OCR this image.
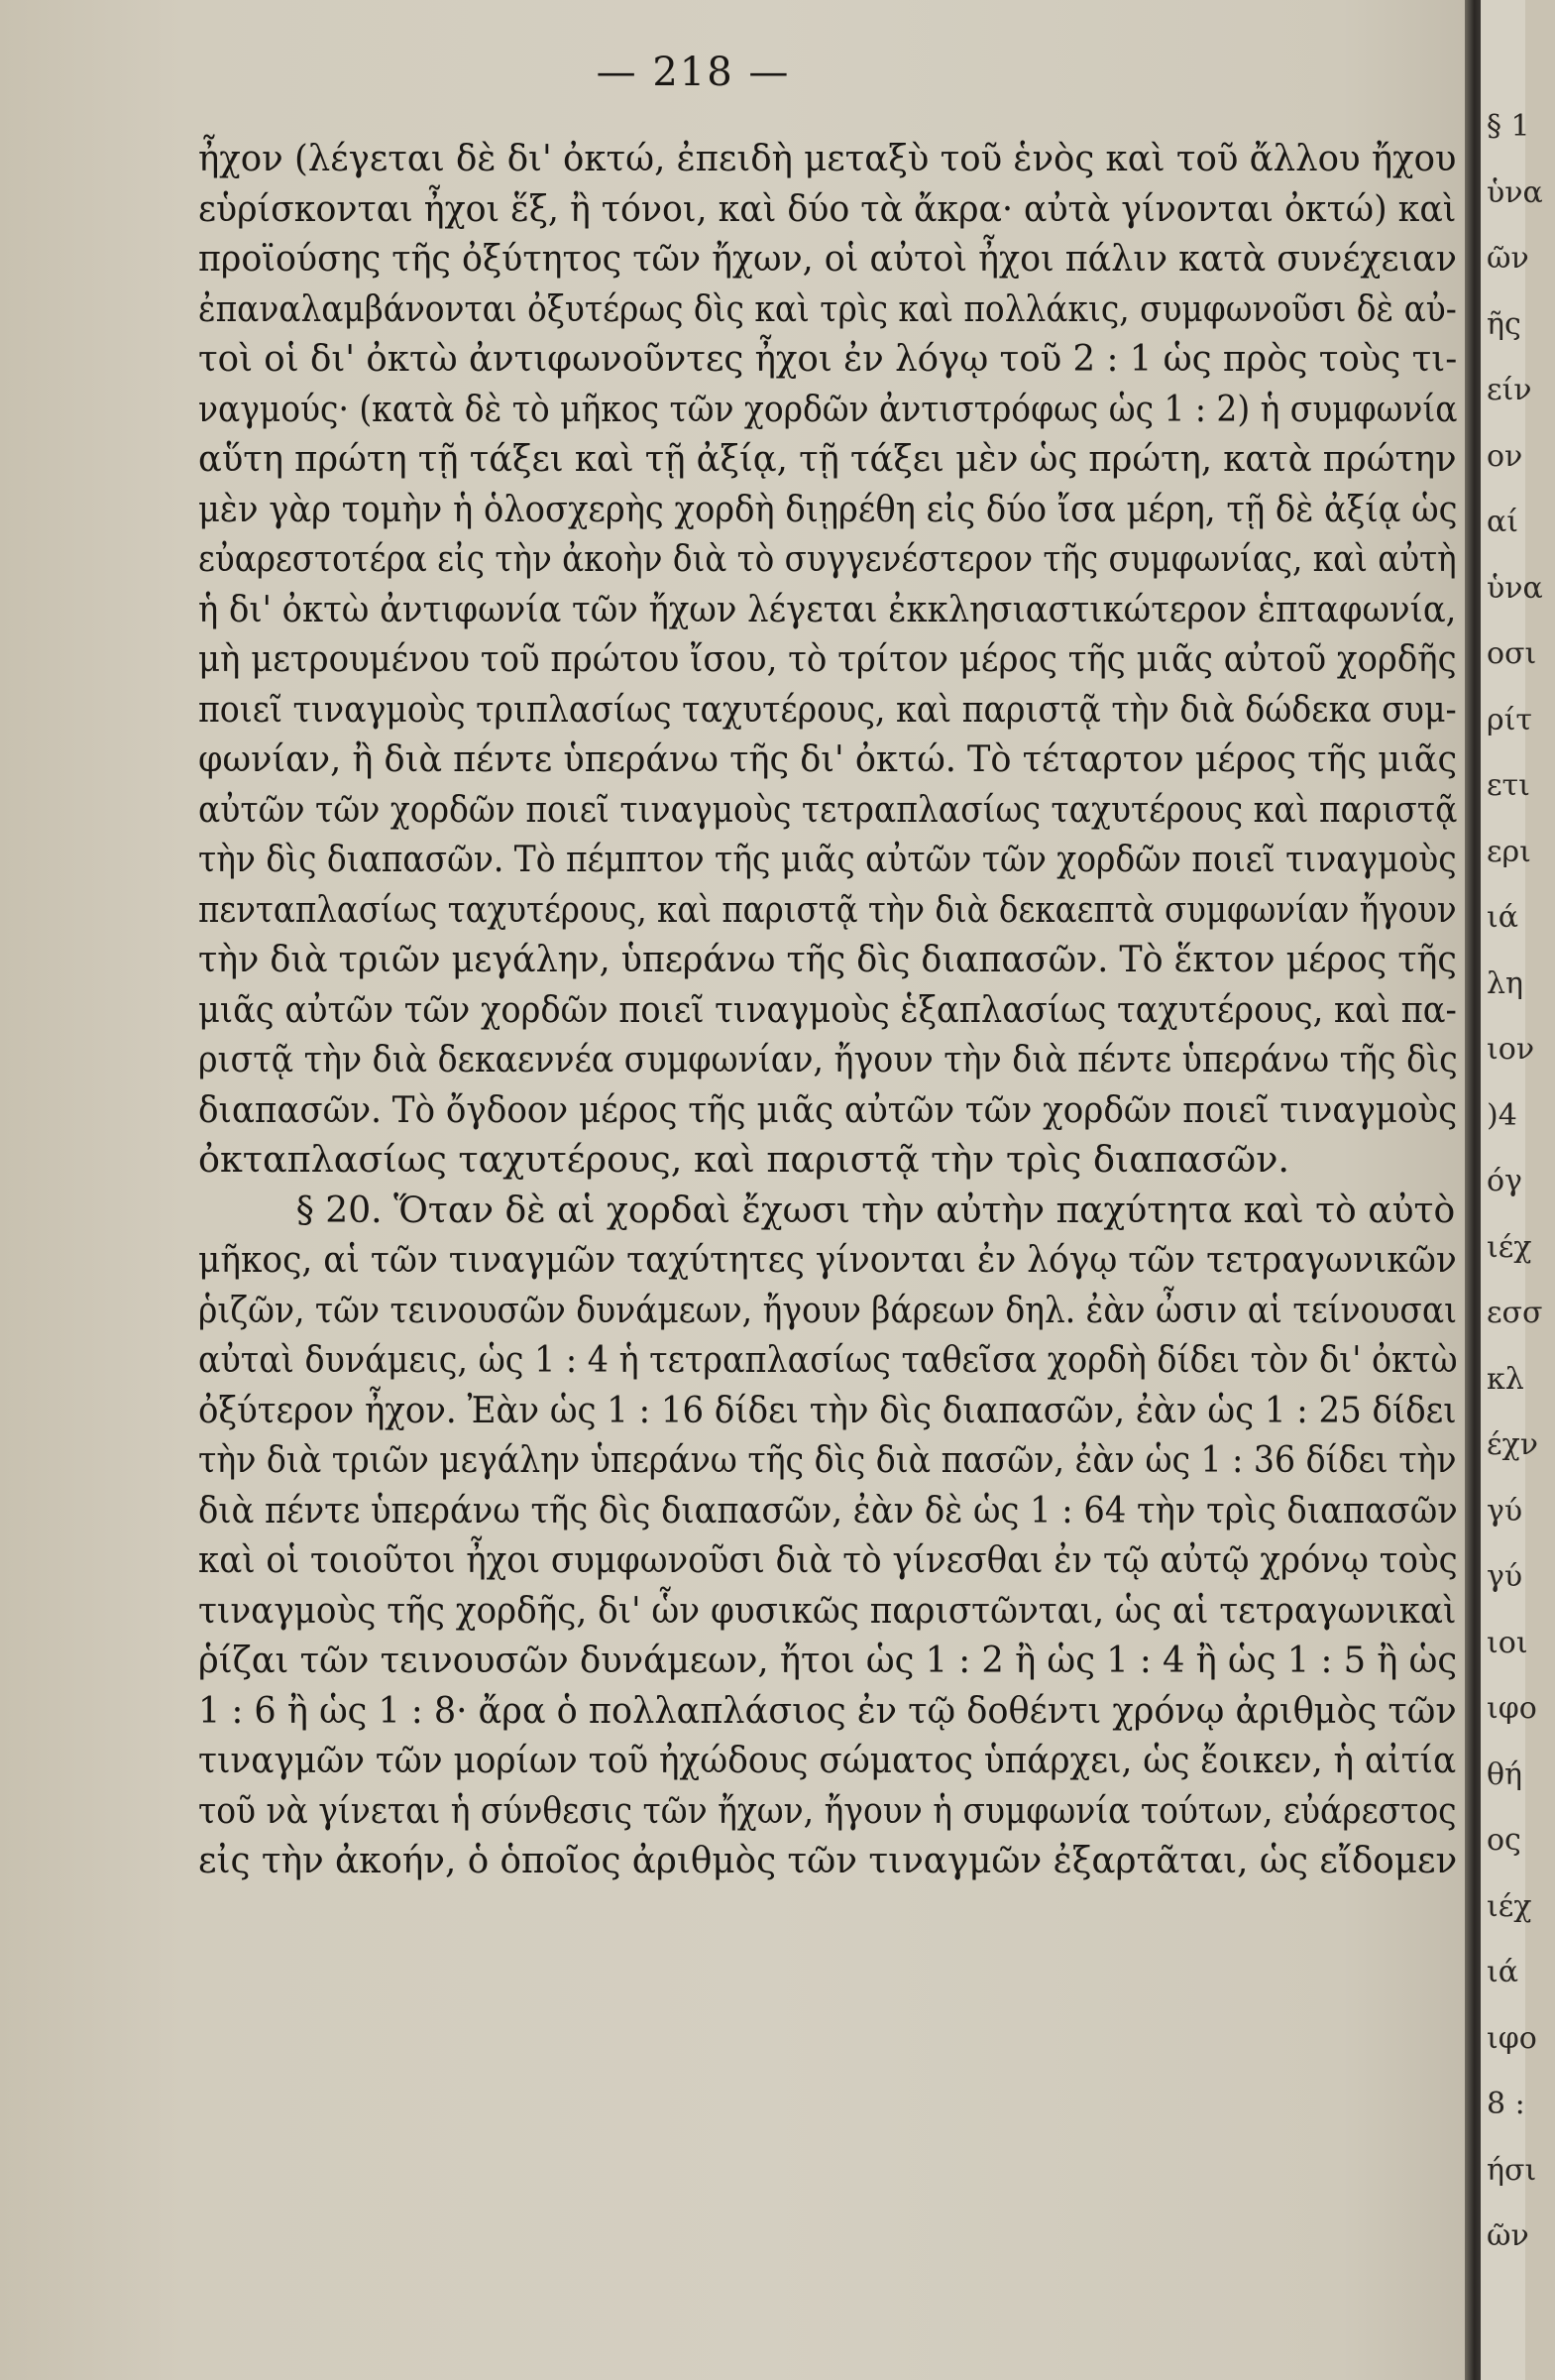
— 218 —
ἦχον (λέγεται δὲ δι' ὀκτώ, ἐπειδὴ μεταξὺ τοῦ ἑνὸς καὶ τοῦ ἄλλου ἤχου
εὑρίσκονται ἦχοι ἕξ, ἢ τόνοι, καὶ δύο τὰ ἄκρα· αὐτὰ γίνονται ὀκτώ) καὶ
προϊούσης τῆς ὀξύτητος τῶν ἤχων, οἱ αὐτοὶ ἦχοι πάλιν κατὰ συνέχειαν
ἐπαναλαμβάνονται ὀξυτέρως δὶς καὶ τρὶς καὶ πολλάκις, συμφωνοῦσι δὲ αὐ-
τοὶ οἱ δι' ὀκτὼ ἀντιφωνοῦντες ἦχοι ἐν λόγῳ τοῦ 2 : 1 ὡς πρὸς τοὺς τι-
ναγμούς· (κατὰ δὲ τὸ μῆκος τῶν χορδῶν ἀντιστρόφως ὡς 1 : 2) ἡ συμφωνία
αὕτη πρώτη τῇ τάξει καὶ τῇ ἀξίᾳ, τῇ τάξει μὲν ὡς πρώτη, κατὰ πρώτην
μὲν γὰρ τομὴν ἡ ὁλοσχερὴς χορδὴ διῃρέθη εἰς δύο ἴσα μέρη, τῇ δὲ ἀξίᾳ ὡς
εὐαρεστοτέρα εἰς τὴν ἀκοὴν διὰ τὸ συγγενέστερον τῆς συμφωνίας, καὶ αὐτὴ
ἡ δι' ὀκτὼ ἀντιφωνία τῶν ἤχων λέγεται ἐκκλησιαστικώτερον ἑπταφωνία,
μὴ μετρουμένου τοῦ πρώτου ἴσου, τὸ τρίτον μέρος τῆς μιᾶς αὐτοῦ χορδῆς
ποιεῖ τιναγμοὺς τριπλασίως ταχυτέρους, καὶ παριστᾷ τὴν διὰ δώδεκα συμ-
φωνίαν, ἢ διὰ πέντε ὑπεράνω τῆς δι' ὀκτώ. Τὸ τέταρτον μέρος τῆς μιᾶς
αὐτῶν τῶν χορδῶν ποιεῖ τιναγμοὺς τετραπλασίως ταχυτέρους καὶ παριστᾷ
τὴν δὶς διαπασῶν. Τὸ πέμπτον τῆς μιᾶς αὐτῶν τῶν χορδῶν ποιεῖ τιναγμοὺς
πενταπλασίως ταχυτέρους, καὶ παριστᾷ τὴν διὰ δεκαεπτὰ συμφωνίαν ἤγουν
τὴν διὰ τριῶν μεγάλην, ὑπεράνω τῆς δὶς διαπασῶν. Τὸ ἕκτον μέρος τῆς
μιᾶς αὐτῶν τῶν χορδῶν ποιεῖ τιναγμοὺς ἑξαπλασίως ταχυτέρους, καὶ πα-
ριστᾷ τὴν διὰ δεκαεννέα συμφωνίαν, ἤγουν τὴν διὰ πέντε ὑπεράνω τῆς δὶς
διαπασῶν. Τὸ ὄγδοον μέρος τῆς μιᾶς αὐτῶν τῶν χορδῶν ποιεῖ τιναγμοὺς
ὀκταπλασίως ταχυτέρους, καὶ παριστᾷ τὴν τρὶς διαπασῶν.
§ 20. Ὅταν δὲ αἱ χορδαὶ ἔχωσι τὴν αὐτὴν παχύτητα καὶ τὸ αὐτὸ
μῆκος, αἱ τῶν τιναγμῶν ταχύτητες γίνονται ἐν λόγῳ τῶν τετραγωνικῶν
ῥιζῶν, τῶν τεινουσῶν δυνάμεων, ἤγουν βάρεων δηλ. ἐὰν ὦσιν αἱ τείνουσαι
αὐταὶ δυνάμεις, ὡς 1 : 4 ἡ τετραπλασίως ταθεῖσα χορδὴ δίδει τὸν δι' ὀκτὼ
ὀξύτερον ἦχον. Ἐὰν ὡς 1 : 16 δίδει τὴν δὶς διαπασῶν, ἐὰν ὡς 1 : 25 δίδει
τὴν διὰ τριῶν μεγάλην ὑπεράνω τῆς δὶς διὰ πασῶν, ἐὰν ὡς 1 : 36 δίδει τὴν
διὰ πέντε ὑπεράνω τῆς δὶς διαπασῶν, ἐὰν δὲ ὡς 1 : 64 τὴν τρὶς διαπασῶν
καὶ οἱ τοιοῦτοι ἦχοι συμφωνοῦσι διὰ τὸ γίνεσθαι ἐν τῷ αὐτῷ χρόνῳ τοὺς
τιναγμοὺς τῆς χορδῆς, δι' ὧν φυσικῶς παριστῶνται, ὡς αἱ τετραγωνικαὶ
ῥίζαι τῶν τεινουσῶν δυνάμεων, ἤτοι ὡς 1 : 2 ἢ ὡς 1 : 4 ἢ ὡς 1 : 5 ἢ ὡς
1 : 6 ἢ ὡς 1 : 8· ἄρα ὁ πολλαπλάσιος ἐν τῷ δοθέντι χρόνῳ ἀριθμὸς τῶν
τιναγμῶν τῶν μορίων τοῦ ἠχώδους σώματος ὑπάρχει, ὡς ἔοικεν, ἡ αἰτία
τοῦ νὰ γίνεται ἡ σύνθεσις τῶν ἤχων, ἤγουν ἡ συμφωνία τούτων, εὐάρεστος
εἰς τὴν ἀκοήν, ὁ ὁποῖος ἀριθμὸς τῶν τιναγμῶν ἐξαρτᾶται, ὡς εἴδομεν
§ 1
ὑνα
ῶν
ῆς
είν
ον
αί
ὑνα
οσι
ρίτ
ετι
ερι
ιά
λη
ιον
)4
όγ
ιέχ
εσσ
κλ
έχν
γύ
γύ
ιοι
ιφο
θή
ος
ιέχ
ιά
ιφο
8 :
ήσι
ῶν
